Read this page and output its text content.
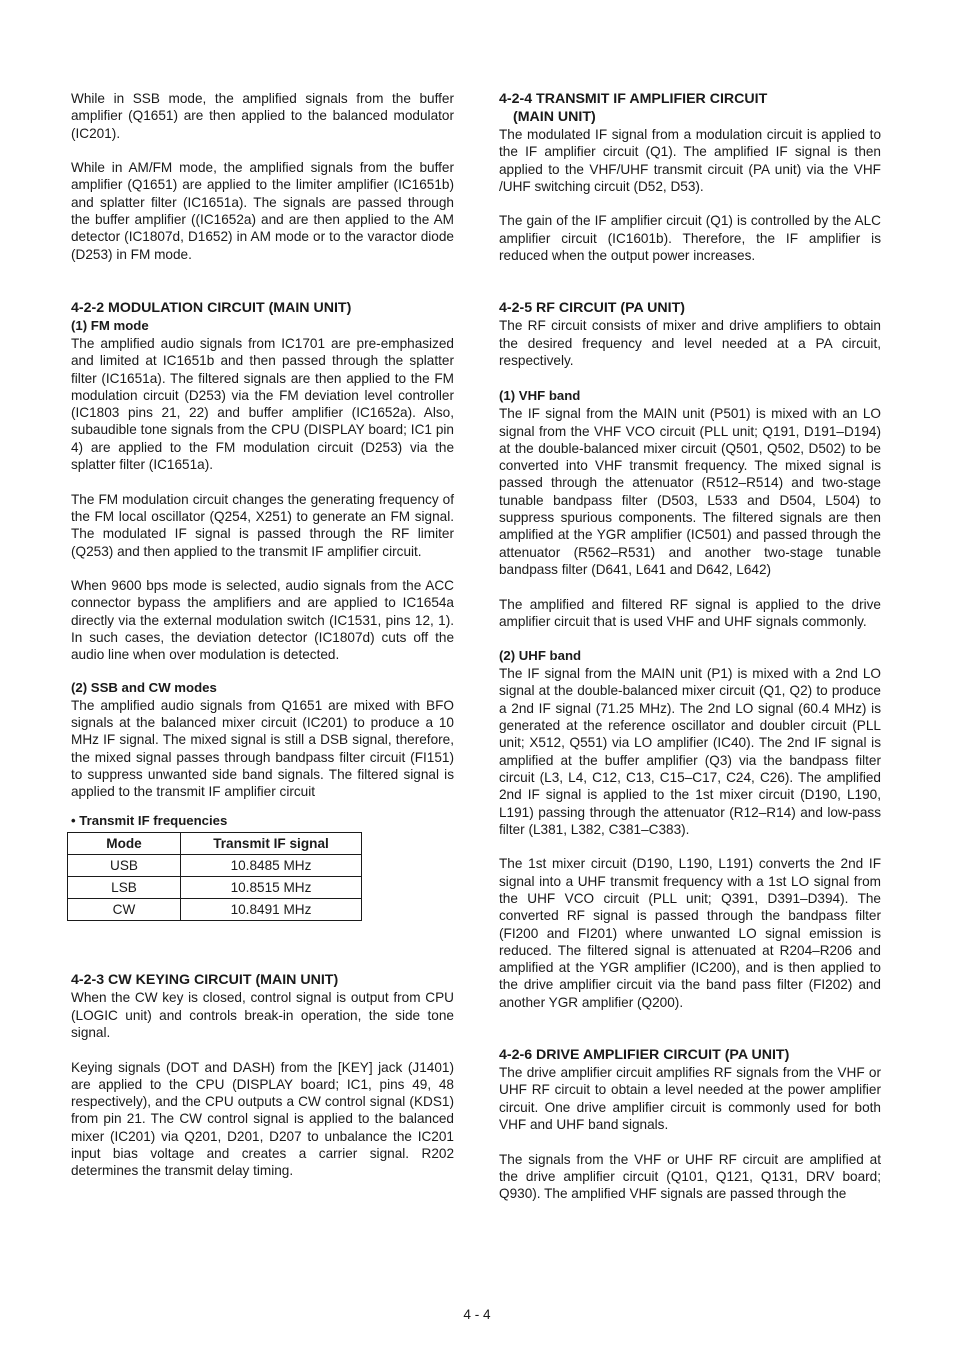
While in SSB mode, the amplified signals from the buffer amplifier (Q1651) are then applied to the balanced modulator (IC201).

While in AM/FM mode, the amplified signals from the buffer amplifier (Q1651) are applied to the limiter amplifier (IC1651b) and splatter filter (IC1651a). The signals are passed through the buffer amplifier ((IC1652a) and are then applied to the AM detector (IC1807d, D1652) in AM mode or to the varactor diode (D253) in FM mode.

4-2-2 MODULATION CIRCUIT (MAIN UNIT)
(1) FM mode

The amplified audio signals from IC1701 are pre-emphasized and limited at IC1651b and then passed through the splatter filter (IC1651a). The filtered signals are then applied to the FM modulation circuit (D253) via the FM deviation level controller (IC1803 pins 21, 22) and buffer amplifier (IC1652a). Also, subaudible tone signals from the CPU (DISPLAY board; IC1 pin 4) are applied to the FM modulation circuit (D253) via the splatter filter (IC1651a).

The FM modulation circuit changes the generating frequency of the FM local oscillator (Q254, X251) to generate an FM signal. The modulated IF signal is passed through the RF limiter (Q253) and then applied to the transmit IF amplifier circuit.

When 9600 bps mode is selected, audio signals from the ACC connector bypass the amplifiers and are applied to IC1654a directly via the external modulation switch (IC1531, pins 12, 1). In such cases, the deviation detector (IC1807d) cuts off the audio line when over modulation is detected.

(2) SSB and CW modes

The amplified audio signals from Q1651 are mixed with BFO signals at the balanced mixer circuit (IC201) to produce a 10 MHz IF signal. The mixed signal is still a DSB signal, therefore, the mixed signal passes through bandpass filter circuit (FI151) to suppress unwanted side band signals. The filtered signal is applied to the transmit IF amplifier circuit

• Transmit IF frequencies
Mode	Transmit IF signal
USB	10.8485 MHz
LSB	10.8515 MHz
CW	10.8491 MHz
4-2-3 CW KEYING CIRCUIT (MAIN UNIT)

When the CW key is closed, control signal is output from CPU (LOGIC unit) and controls break-in operation, the side tone signal.

Keying signals (DOT and DASH) from the [KEY] jack (J1401) are applied to the CPU (DISPLAY board; IC1, pins 49, 48 respectively), and the CPU outputs a CW control signal (KDS1) from pin 21. The CW control signal is applied to the balanced mixer (IC201) via Q201, D201, D207 to unbalance the IC201 input bias voltage and creates a carrier signal. R202 determines the transmit delay timing.

4-2-4 TRANSMIT IF AMPLIFIER CIRCUIT
(MAIN UNIT)

The modulated IF signal from a modulation circuit is applied to the IF amplifier circuit (Q1). The amplified IF signal is then applied to the VHF/UHF transmit circuit (PA unit) via the VHF /UHF switching circuit (D52, D53).

The gain of the IF amplifier circuit (Q1) is controlled by the ALC amplifier circuit (IC1601b). Therefore, the IF amplifier is reduced when the output power increases.

4-2-5 RF CIRCUIT (PA UNIT)

The RF circuit consists of mixer and drive amplifiers to obtain the desired frequency and level needed at a PA circuit, respectively.

(1) VHF band

The IF signal from the MAIN unit (P501) is mixed with an LO signal from the VHF VCO circuit (PLL unit; Q191, D191–D194) at the double-balanced mixer circuit (Q501, Q502, D502) to be converted into VHF transmit frequency. The mixed signal is passed through the attenuator (R512–R514) and two-stage tunable bandpass filter (D503, L533 and D504, L504) to suppress spurious components. The filtered signals are then amplified at the YGR amplifier (IC501) and passed through the attenuator (R562–R531) and another two-stage tunable bandpass filter (D641, L641 and D642, L642)

The amplified and filtered RF signal is applied to the drive amplifier circuit that is used VHF and UHF signals commonly.

(2) UHF band

The IF signal from the MAIN unit (P1) is mixed with a 2nd LO signal at the double-balanced mixer circuit (Q1, Q2) to produce a 2nd IF signal (71.25 MHz). The 2nd LO signal (60.4 MHz) is generated at the reference oscillator and doubler circuit (PLL unit; X512, Q551) via LO amplifier (IC40). The 2nd IF signal is amplified at the buffer amplifier (Q3) via the bandpass filter circuit (L3, L4, C12, C13, C15–C17, C24, C26). The amplified 2nd IF signal is applied to the 1st mixer circuit (D190, L190, L191) passing through the attenuator (R12–R14) and low-pass filter (L381, L382, C381–C383).

The 1st mixer circuit (D190, L190, L191) converts the 2nd IF signal into a UHF transmit frequency with a 1st LO signal from the UHF VCO circuit (PLL unit; Q391, D391–D394). The converted RF signal is passed through the bandpass filter (FI200 and FI201) where unwanted LO signal emission is reduced. The filtered signal is attenuated at R204–R206 and amplified at the YGR amplifier (IC200), and is then applied to the drive amplifier circuit via the band pass filter (FI202) and another YGR amplifier (Q200).

4-2-6 DRIVE AMPLIFIER CIRCUIT (PA UNIT)

The drive amplifier circuit amplifies RF signals from the VHF or UHF RF circuit to obtain a level needed at the power amplifier circuit. One drive amplifier circuit is commonly used for both VHF and UHF band signals.

The signals from the VHF or UHF RF circuit are amplified at the drive amplifier circuit (Q101, Q121, Q131, DRV board; Q930). The amplified VHF signals are passed through the

4 - 4
